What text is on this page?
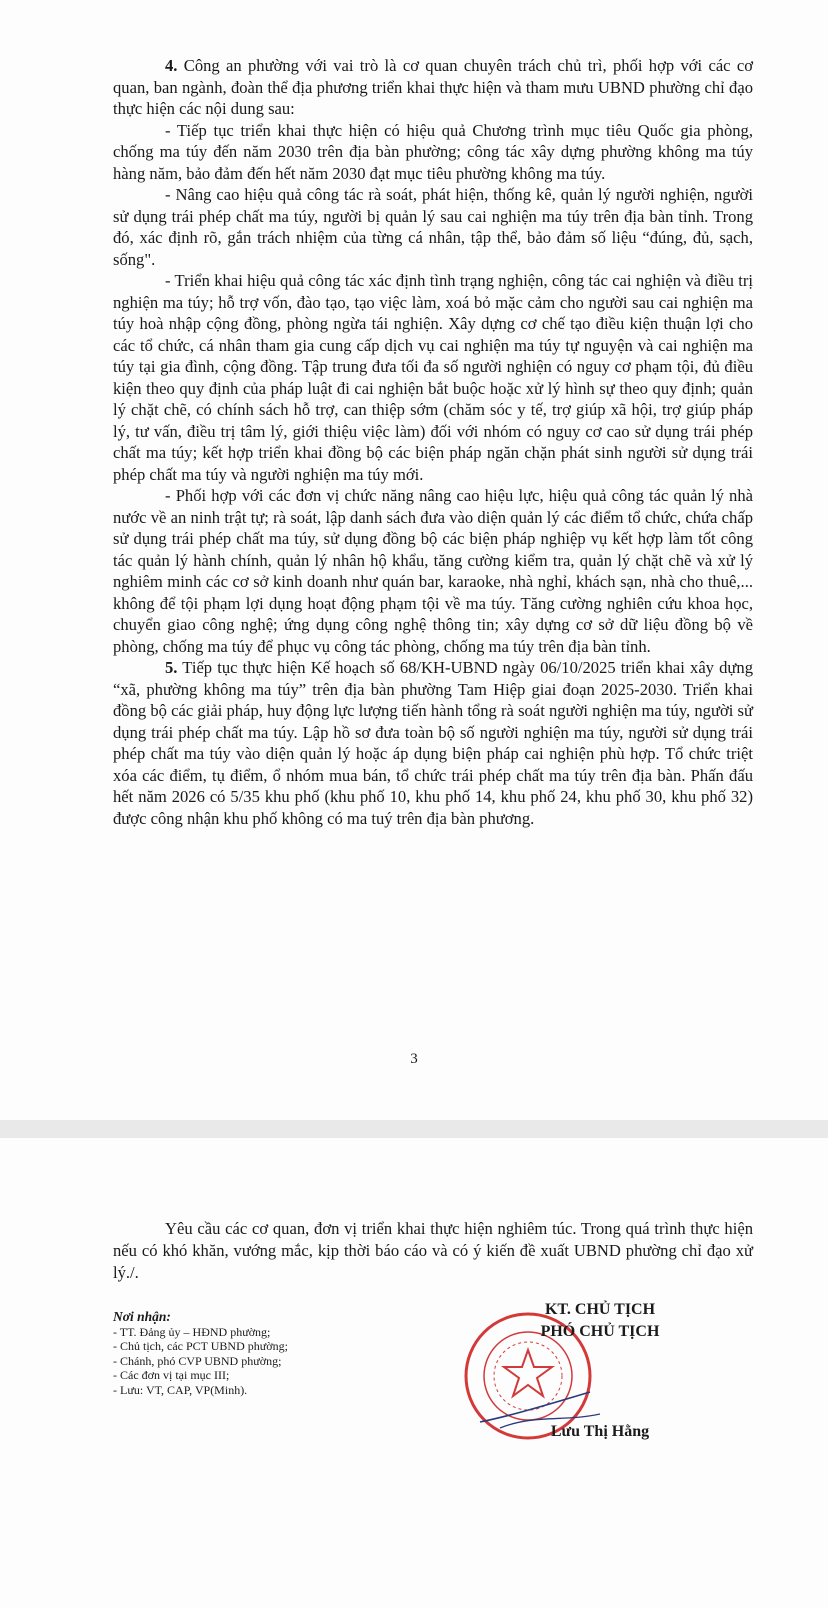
4. Công an phường với vai trò là cơ quan chuyên trách chủ trì, phối hợp với các cơ quan, ban ngành, đoàn thể địa phương triển khai thực hiện và tham mưu UBND phường chỉ đạo thực hiện các nội dung sau:

- Tiếp tục triển khai thực hiện có hiệu quả Chương trình mục tiêu Quốc gia phòng, chống ma túy đến năm 2030 trên địa bàn phường; công tác xây dựng phường không ma túy hàng năm, bảo đảm đến hết năm 2030 đạt mục tiêu phường không ma túy.

- Nâng cao hiệu quả công tác rà soát, phát hiện, thống kê, quản lý người nghiện, người sử dụng trái phép chất ma túy, người bị quản lý sau cai nghiện ma túy trên địa bàn tỉnh. Trong đó, xác định rõ, gắn trách nhiệm của từng cá nhân, tập thể, bảo đảm số liệu “đúng, đủ, sạch, sống".

- Triển khai hiệu quả công tác xác định tình trạng nghiện, công tác cai nghiện và điều trị nghiện ma túy; hỗ trợ vốn, đào tạo, tạo việc làm, xoá bỏ mặc cảm cho người sau cai nghiện ma túy hoà nhập cộng đồng, phòng ngừa tái nghiện. Xây dựng cơ chế tạo điều kiện thuận lợi cho các tổ chức, cá nhân tham gia cung cấp dịch vụ cai nghiện ma túy tự nguyện và cai nghiện ma túy tại gia đình, cộng đồng. Tập trung đưa tối đa số người nghiện có nguy cơ phạm tội, đủ điều kiện theo quy định của pháp luật đi cai nghiện bắt buộc hoặc xử lý hình sự theo quy định; quản lý chặt chẽ, có chính sách hỗ trợ, can thiệp sớm (chăm sóc y tế, trợ giúp xã hội, trợ giúp pháp lý, tư vấn, điều trị tâm lý, giới thiệu việc làm) đối với nhóm có nguy cơ cao sử dụng trái phép chất ma túy; kết hợp triển khai đồng bộ các biện pháp ngăn chặn phát sinh người sử dụng trái phép chất ma túy và người nghiện ma túy mới.

- Phối hợp với các đơn vị chức năng nâng cao hiệu lực, hiệu quả công tác quản lý nhà nước về an ninh trật tự; rà soát, lập danh sách đưa vào diện quản lý các điểm tổ chức, chứa chấp sử dụng trái phép chất ma túy, sử dụng đồng bộ các biện pháp nghiệp vụ kết hợp làm tốt công tác quản lý hành chính, quản lý nhân hộ khẩu, tăng cường kiểm tra, quản lý chặt chẽ và xử lý nghiêm minh các cơ sở kinh doanh như quán bar, karaoke, nhà nghỉ, khách sạn, nhà cho thuê,... không để tội phạm lợi dụng hoạt động phạm tội về ma túy. Tăng cường nghiên cứu khoa học, chuyển giao công nghệ; ứng dụng công nghệ thông tin; xây dựng cơ sở dữ liệu đồng bộ về phòng, chống ma túy để phục vụ công tác phòng, chống ma túy trên địa bàn tỉnh.

5. Tiếp tục thực hiện Kế hoạch số 68/KH-UBND ngày 06/10/2025 triển khai xây dựng “xã, phường không ma túy” trên địa bàn phường Tam Hiệp giai đoạn 2025-2030. Triển khai đồng bộ các giải pháp, huy động lực lượng tiến hành tổng rà soát người nghiện ma túy, người sử dụng trái phép chất ma túy. Lập hồ sơ đưa toàn bộ số người nghiện ma túy, người sử dụng trái phép chất ma túy vào diện quản lý hoặc áp dụng biện pháp cai nghiện phù hợp. Tổ chức triệt xóa các điểm, tụ điểm, ổ nhóm mua bán, tổ chức trái phép chất ma túy trên địa bàn. Phấn đấu hết năm 2026 có 5/35 khu phố (khu phố 10, khu phố 14, khu phố 24, khu phố 30, khu phố 32) được công nhận khu phố không có ma tuý trên địa bàn phương.

3

Yêu cầu các cơ quan, đơn vị triển khai thực hiện nghiêm túc. Trong quá trình thực hiện nếu có khó khăn, vướng mắc, kịp thời báo cáo và có ý kiến đề xuất UBND phường chỉ đạo xử lý./.

Nơi nhận:
- TT. Đảng ủy – HĐND phường;
- Chủ tịch, các PCT UBND phường;
- Chánh, phó CVP UBND phường;
- Các đơn vị tại mục III;
- Lưu: VT, CAP, VP(Minh).
KT. CHỦ TỊCH
PHÓ CHỦ TỊCH
Lưu Thị Hằng
